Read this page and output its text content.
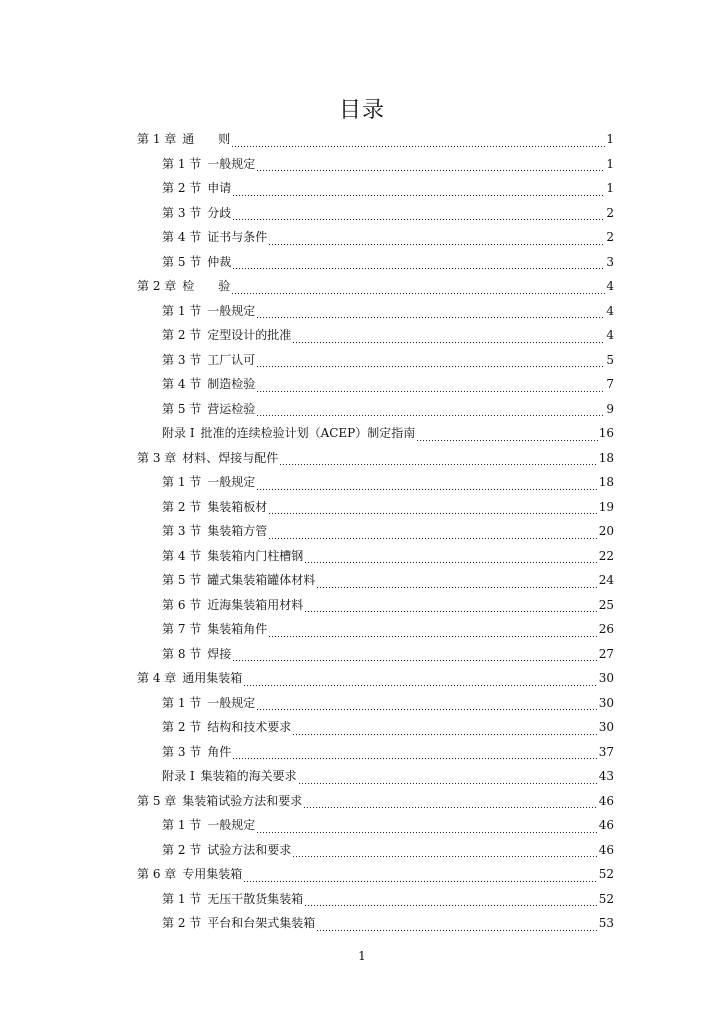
目录
第 1 章 通　　则	1
第 1 节 一般规定	1
第 2 节 申请	1
第 3 节 分歧	2
第 4 节 证书与条件	2
第 5 节 仲裁	3
第 2 章 检　　验	4
第 1 节 一般规定	4
第 2 节 定型设计的批准	4
第 3 节 工厂认可	5
第 4 节 制造检验	7
第 5 节 营运检验	9
附录 I 批准的连续检验计划（ACEP）制定指南	16
第 3 章 材料、焊接与配件	18
第 1 节 一般规定	18
第 2 节 集装箱板材	19
第 3 节 集装箱方管	20
第 4 节 集装箱内门柱槽钢	22
第 5 节 罐式集装箱罐体材料	24
第 6 节 近海集装箱用材料	25
第 7 节 集装箱角件	26
第 8 节 焊接	27
第 4 章 通用集装箱	30
第 1 节 一般规定	30
第 2 节 结构和技术要求	30
第 3 节 角件	37
附录 I 集装箱的海关要求	43
第 5 章 集装箱试验方法和要求	46
第 1 节 一般规定	46
第 2 节 试验方法和要求	46
第 6 章 专用集装箱	52
第 1 节 无压干散货集装箱	52
第 2 节 平台和台架式集装箱	53
1
